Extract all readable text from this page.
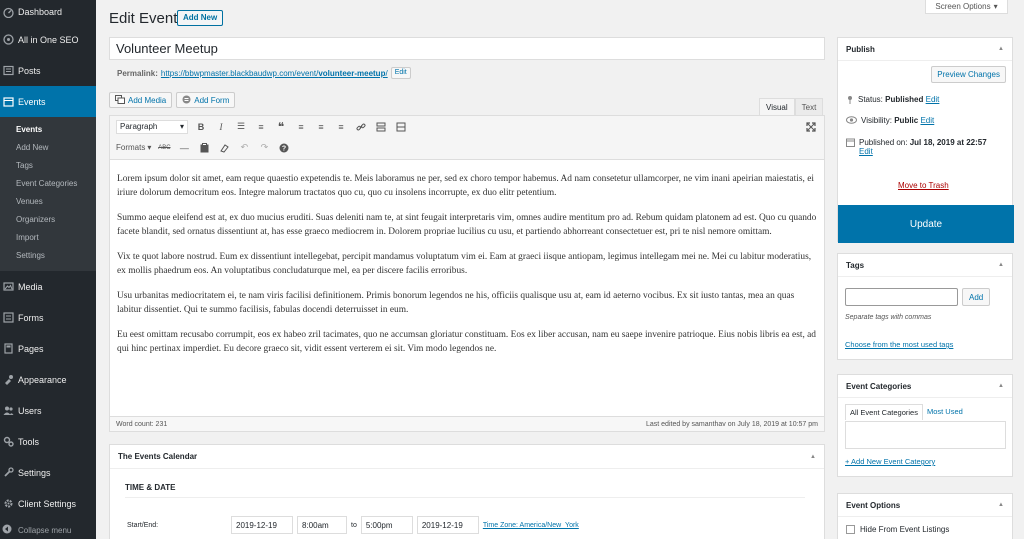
Dashboard
All in One SEO
Posts
Events
Events
Add New
Tags
Event Categories
Venues
Organizers
Import
Settings
Media
Forms
Pages
Appearance
Users
Tools
Settings
Client Settings
Collapse menu
Edit Event Add New
Screen Options ▾
Volunteer Meetup
Permalink: https://bbwpmaster.blackbaudwp.com/event/volunteer-meetup/	Edit
Add Media	Add Form
Visual	Text
Paragraph	▾	B	I	☰	≡	❝	≡	≡	≡
Formats ▾ ABC —	↶	↷	?

Lorem ipsum dolor sit amet, eam reque quaestio expetendis te. Meis laboramus ne per, sed ex choro tempor habemus. Ad nam consetetur ullamcorper, ne vim inani apeirian maiestatis, ei iriure dolorum democritum eos. Integre malorum tractatos quo cu, quo cu insolens incorrupte, ex duo elitr petentium.

Summo aeque eleifend est at, ex duo mucius eruditi. Suas deleniti nam te, at sint feugait interpretaris vim, omnes audire mentitum pro ad. Rebum quidam platonem ad est. Quo cu quando facete blandit, sed ornatus dissentiunt at, has esse graeco mediocrem in. Dolorem propriae lucilius cu usu, et partiendo abhorreant consectetuer est, pri te nisl nemore omittam.

Vix te quot labore nostrud. Eum ex dissentiunt intellegebat, percipit mandamus voluptatum vim ei. Eam at graeci iisque antiopam, legimus intellegam mei ne. Mei cu labitur moderatius, ex mollis phaedrum eos. An voluptatibus concludaturque mel, ea per discere facilis erroribus.

Usu urbanitas mediocritatem ei, te nam viris facilisi definitionem. Primis bonorum legendos ne his, officiis qualisque usu at, eam id aeterno vocibus. Ex sit iusto tantas, mea an quas labitur dissentiet. Qui te summo facilisis, fabulas docendi deterruisset in eum.

Eu eest omittam recusabo corrumpit, eos ex habeo zril tacimates, quo ne accumsan gloriatur constituam. Eos ex liber accusan, nam eu saepe invenire patrioque. Eius nobis libris ea est, ad qui hinc pertinax imperdiet. Eu decore graeco sit, vidit essent verterem ei sit. Vim modo legendos ne.

Word count: 231	Last edited by samanthav on July 18, 2019 at 10:57 pm
The Events Calendar	▲
TIME & DATE
Start/End:	2019-12-19	8:00am	to	5:00pm	2019-12-19	Time Zone: America/New_York
Publish	▲
Preview Changes
Status: Published Edit
Visibility: Public Edit
Published on: Jul 18, 2019 at 22:57
Edit
Move to Trash
Update
Tags	▲
Add
Separate tags with commas
Choose from the most used tags
Event Categories	▲
All Event Categories	Most Used
+ Add New Event Category
Event Options	▲
Hide From Event Listings
